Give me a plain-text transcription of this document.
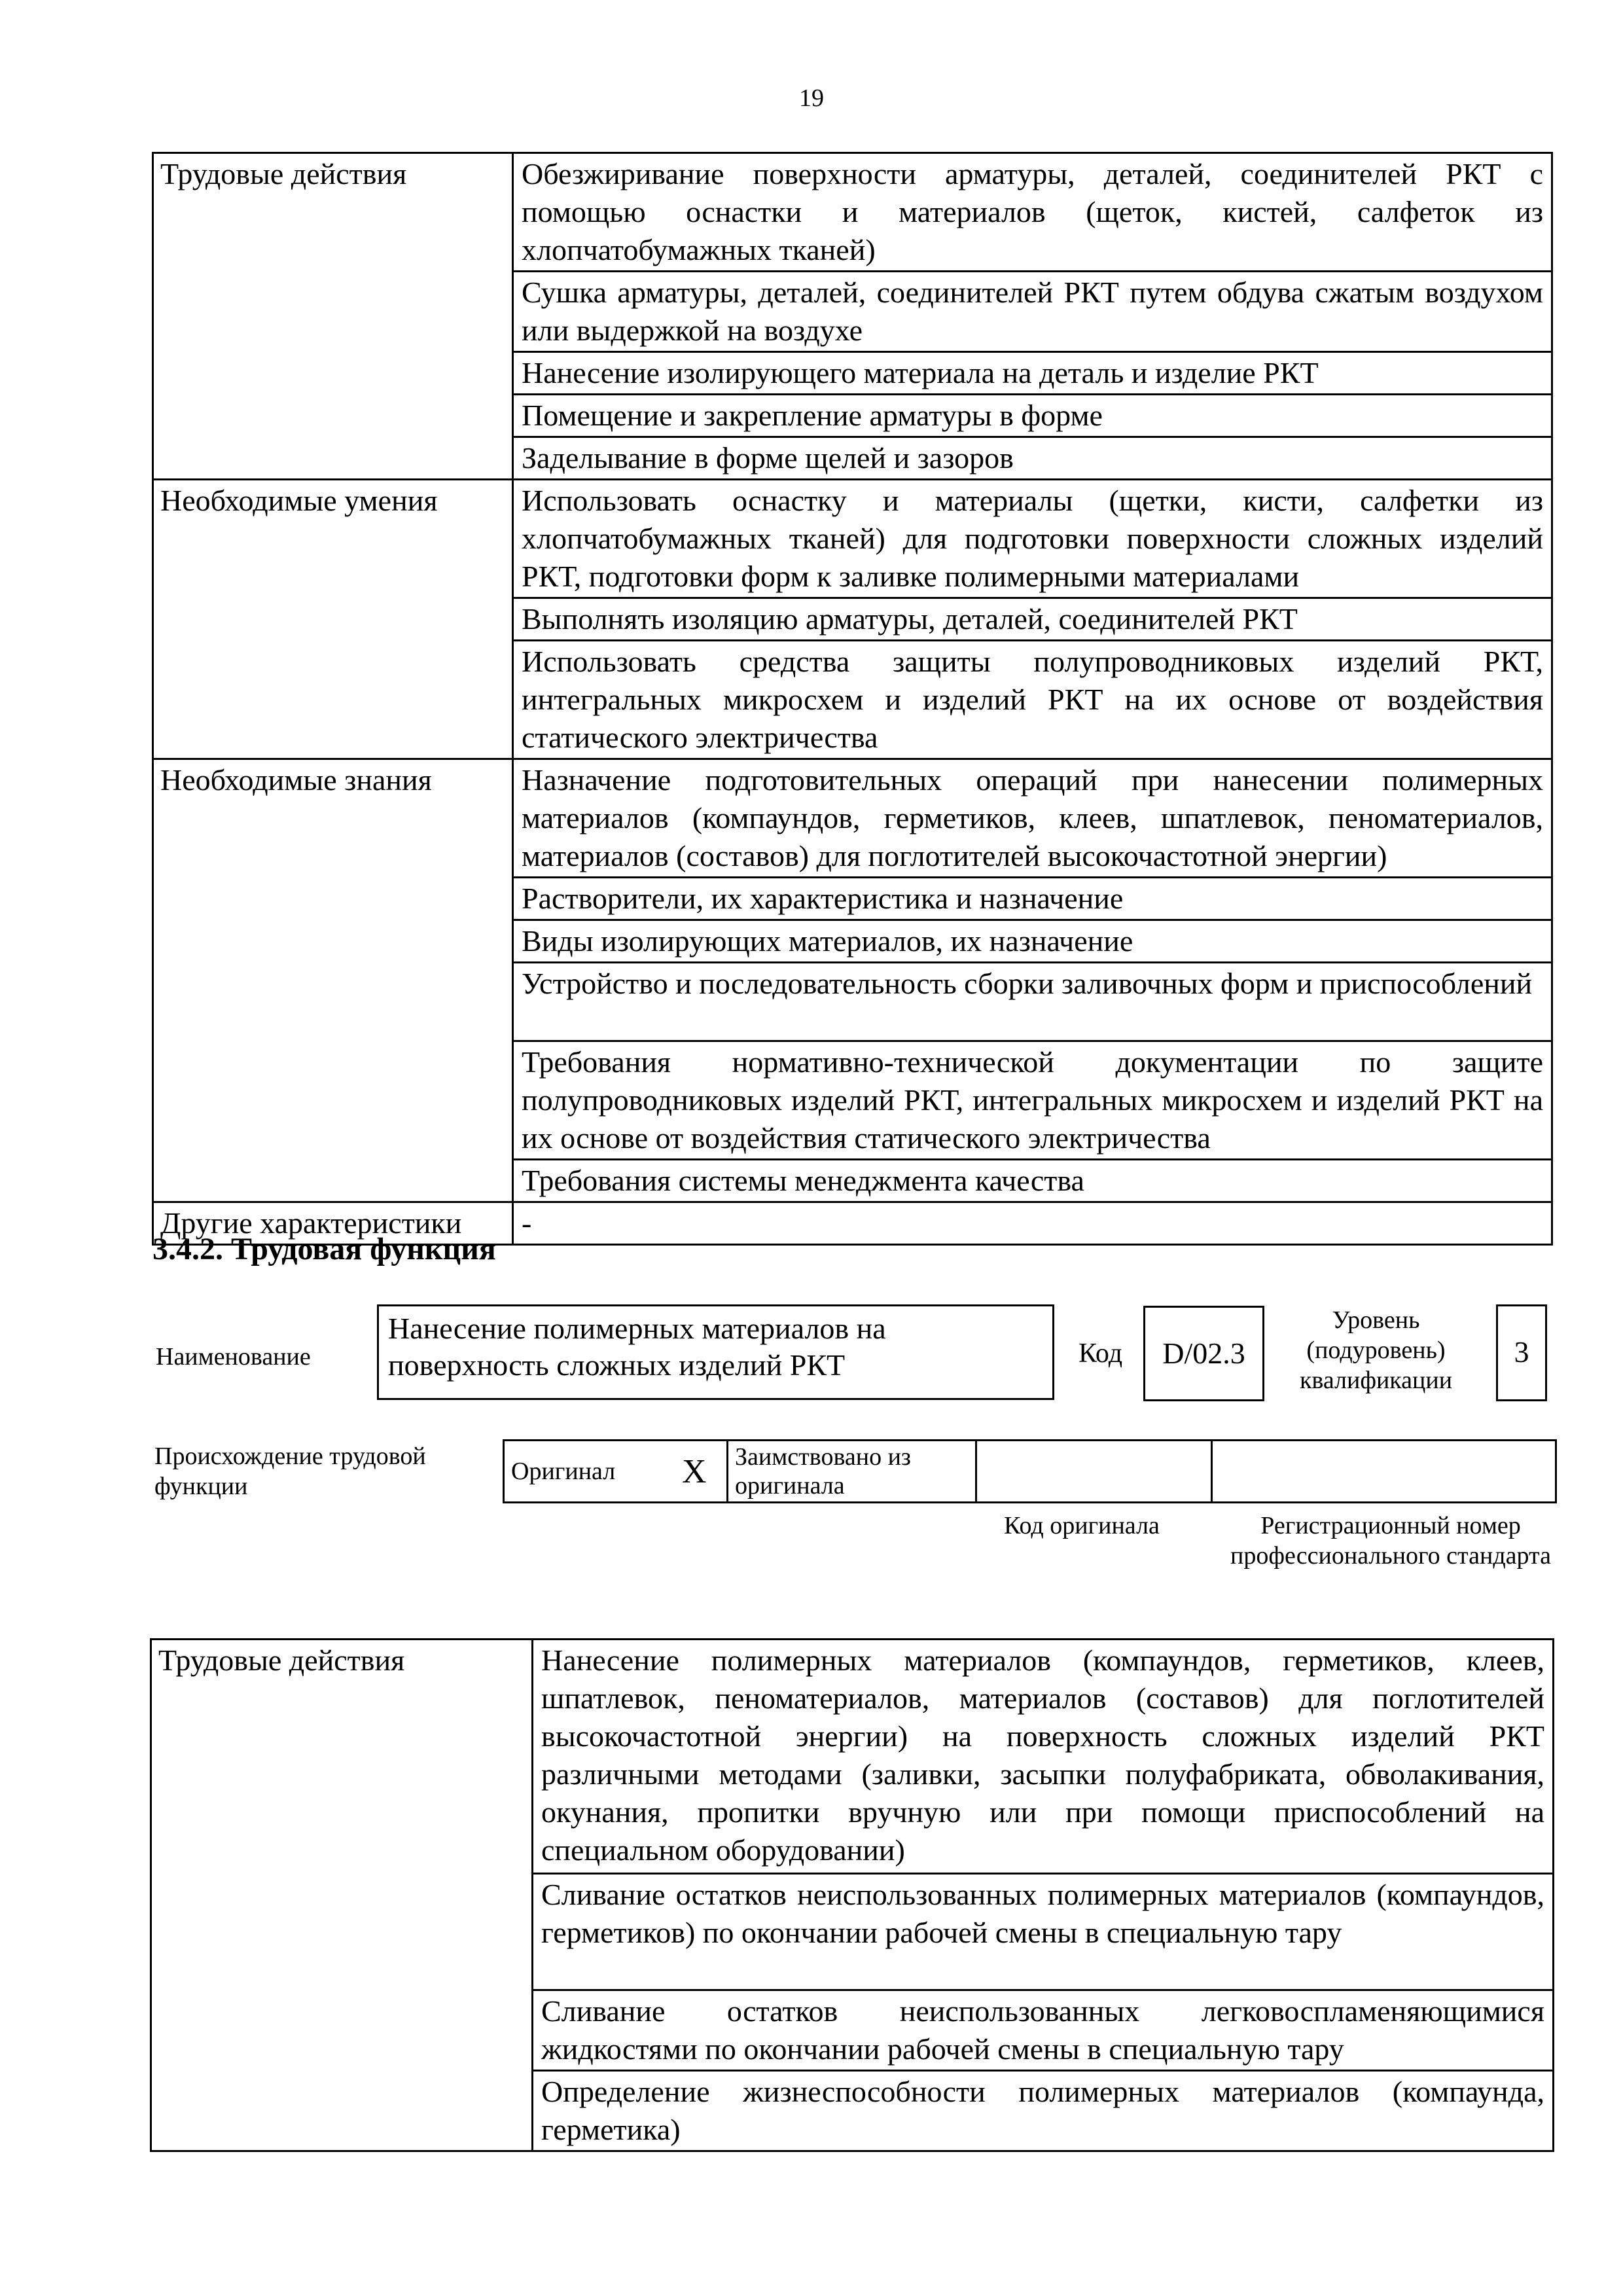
19
Трудовые действия	Обезжиривание поверхности арматуры, деталей, соединителей РКТ с помощью оснастки и материалов (щеток, кистей, салфеток из хлопчатобумажных тканей)
	Сушка арматуры, деталей, соединителей РКТ путем обдува сжатым воздухом или выдержкой на воздухе
	Нанесение изолирующего материала на деталь и изделие РКТ
	Помещение и закрепление арматуры в форме
	Заделывание в форме щелей и зазоров
Необходимые умения	Использовать оснастку и материалы (щетки, кисти, салфетки из хлопчатобумажных тканей) для подготовки поверхности сложных изделий РКТ, подготовки форм к заливке полимерными материалами
	Выполнять изоляцию арматуры, деталей, соединителей РКТ
	Использовать средства защиты полупроводниковых изделий РКТ, интегральных микросхем и изделий РКТ на их основе от воздействия статического электричества
Необходимые знания	Назначение подготовительных операций при нанесении полимерных материалов (компаундов, герметиков, клеев, шпатлевок, пеноматериалов, материалов (составов) для поглотителей высокочастотной энергии)
	Растворители, их характеристика и назначение
	Виды изолирующих материалов, их назначение
	Устройство и последовательность сборки заливочных форм и приспособлений
	Требования нормативно-технической документации по защите полупроводниковых изделий РКТ, интегральных микросхем и изделий РКТ на их основе от воздействия статического электричества
	Требования системы менеджмента качества
Другие характеристики	-
3.4.2. Трудовая функция
Наименование
Нанесение полимерных материалов на поверхность сложных изделий РКТ	Код	D/02.3
Уровень (подуровень) квалификации
3
Происхождение трудовой функции
Оригинал	X	Заимствовано из оригинала		
Код оригинала	Регистрационный номер профессионального стандарта
Трудовые действия	Нанесение полимерных материалов (компаундов, герметиков, клеев, шпатлевок, пеноматериалов, материалов (составов) для поглотителей высокочастотной энергии) на поверхность сложных изделий РКТ различными методами (заливки, засыпки полуфабриката, обволакивания, окунания, пропитки вручную или при помощи приспособлений на специальном оборудовании)
Сливание остатков неиспользованных полимерных материалов (компаундов, герметиков) по окончании рабочей смены в специальную тару
Сливание остатков неиспользованных легковоспламеняющимися жидкостями по окончании рабочей смены в специальную тару
Определение жизнеспособности полимерных материалов (компаунда, герметика)
